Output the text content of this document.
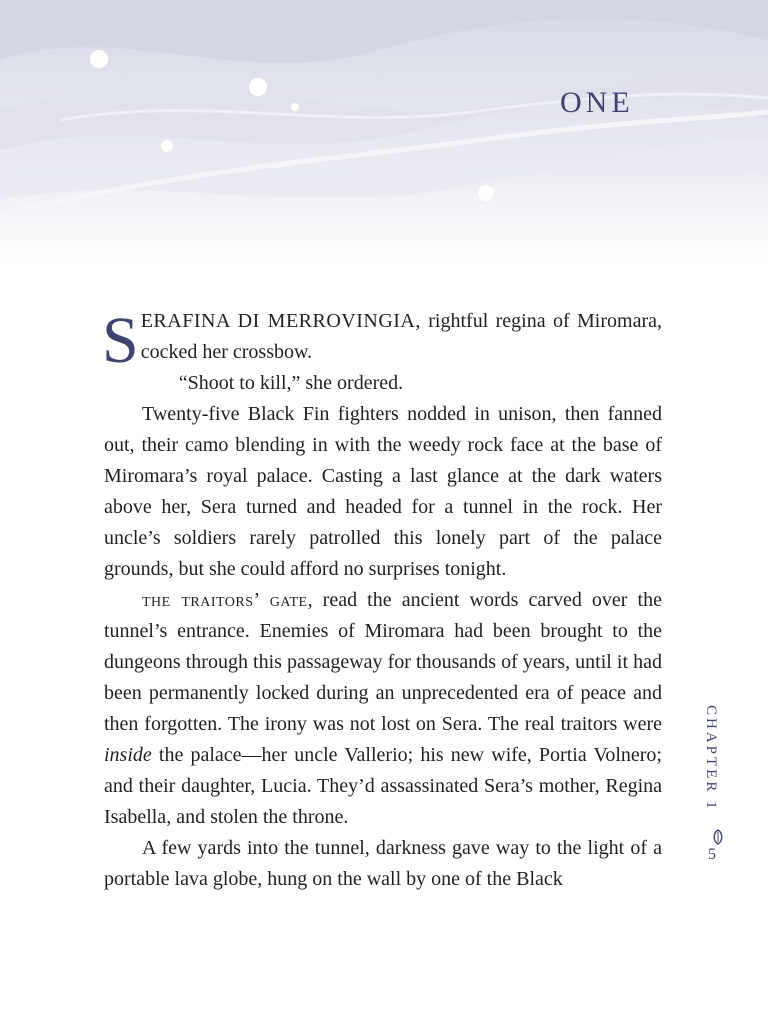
ONE

SERAFINA DI MERROVINGIA, rightful regina of Miromara, cocked her crossbow.

“Shoot to kill,” she ordered.

Twenty-five Black Fin fighters nodded in unison, then fanned out, their camo blending in with the weedy rock face at the base of Miromara’s royal palace. Casting a last glance at the dark waters above her, Sera turned and headed for a tunnel in the rock. Her uncle’s soldiers rarely patrolled this lonely part of the palace grounds, but she could afford no surprises tonight.

the traitors’ gate, read the ancient words carved over the tunnel’s entrance. Enemies of Miromara had been brought to the dungeons through this passageway for thousands of years, until it had been permanently locked during an unprecedented era of peace and then forgotten. The irony was not lost on Sera. The real traitors were inside the palace—her uncle Vallerio; his new wife, Portia Volnero; and their daughter, Lucia. They’d assassinated Sera’s mother, Regina Isabella, and stolen the throne.

A few yards into the tunnel, darkness gave way to the light of a portable lava globe, hung on the wall by one of the Black

CHAPTER 1
5
